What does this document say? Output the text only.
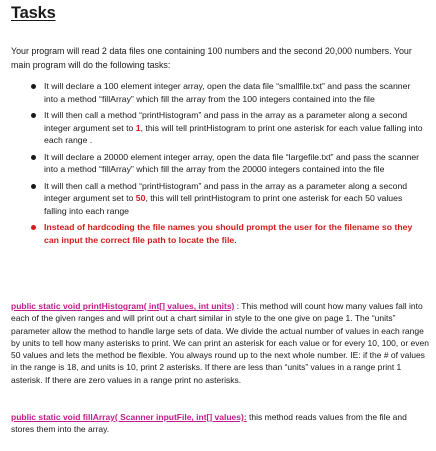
Tasks

Your program will read 2 data files one containing 100 numbers and the second 20,000 numbers. Your main program will do the following tasks:

It will declare a 100 element integer array, open the data file “smallfile.txt” and pass the scanner into a method “fillArray” which fill the array from the 100 integers contained into the file
It will then call a method “printHistogram” and pass in the array as a parameter along a second integer argument set to 1, this will tell printHistogram to print one asterisk for each value falling into each range .
It will declare a 20000 element integer array, open the data file “largefile.txt” and pass the scanner into a method “fillArray” which fill the array from the 20000 integers contained into the file
It will then call a method “printHistogram” and pass in the array as a parameter along a second integer argument set to 50, this will tell printHistogram to print one asterisk for each 50 values falling into each range
Instead of hardcoding the file names you should prompt the user for the filename so they can input the correct file path to locate the file.

public static void printHistogram( int[] values, int units) : This method will count how many values fall into each of the given ranges and will print out a chart similar in style to the one give on page 1. The “units” parameter allow the method to handle large sets of data. We divide the actual number of values in each range by units to tell how many asterisks to print. We can print an asterisk for each value or for every 10, 100, or even 50 values and lets the method be flexible. You always round up to the next whole number. IE: if the # of values in the range is 18, and units is 10, print 2 asterisks. If there are less than “units” values in a range print 1 asterisk. If there are zero values in a range print no asterisks.

public static void fillArray( Scanner inputFile, int[] values): this method reads values from the file and stores them into the array.
